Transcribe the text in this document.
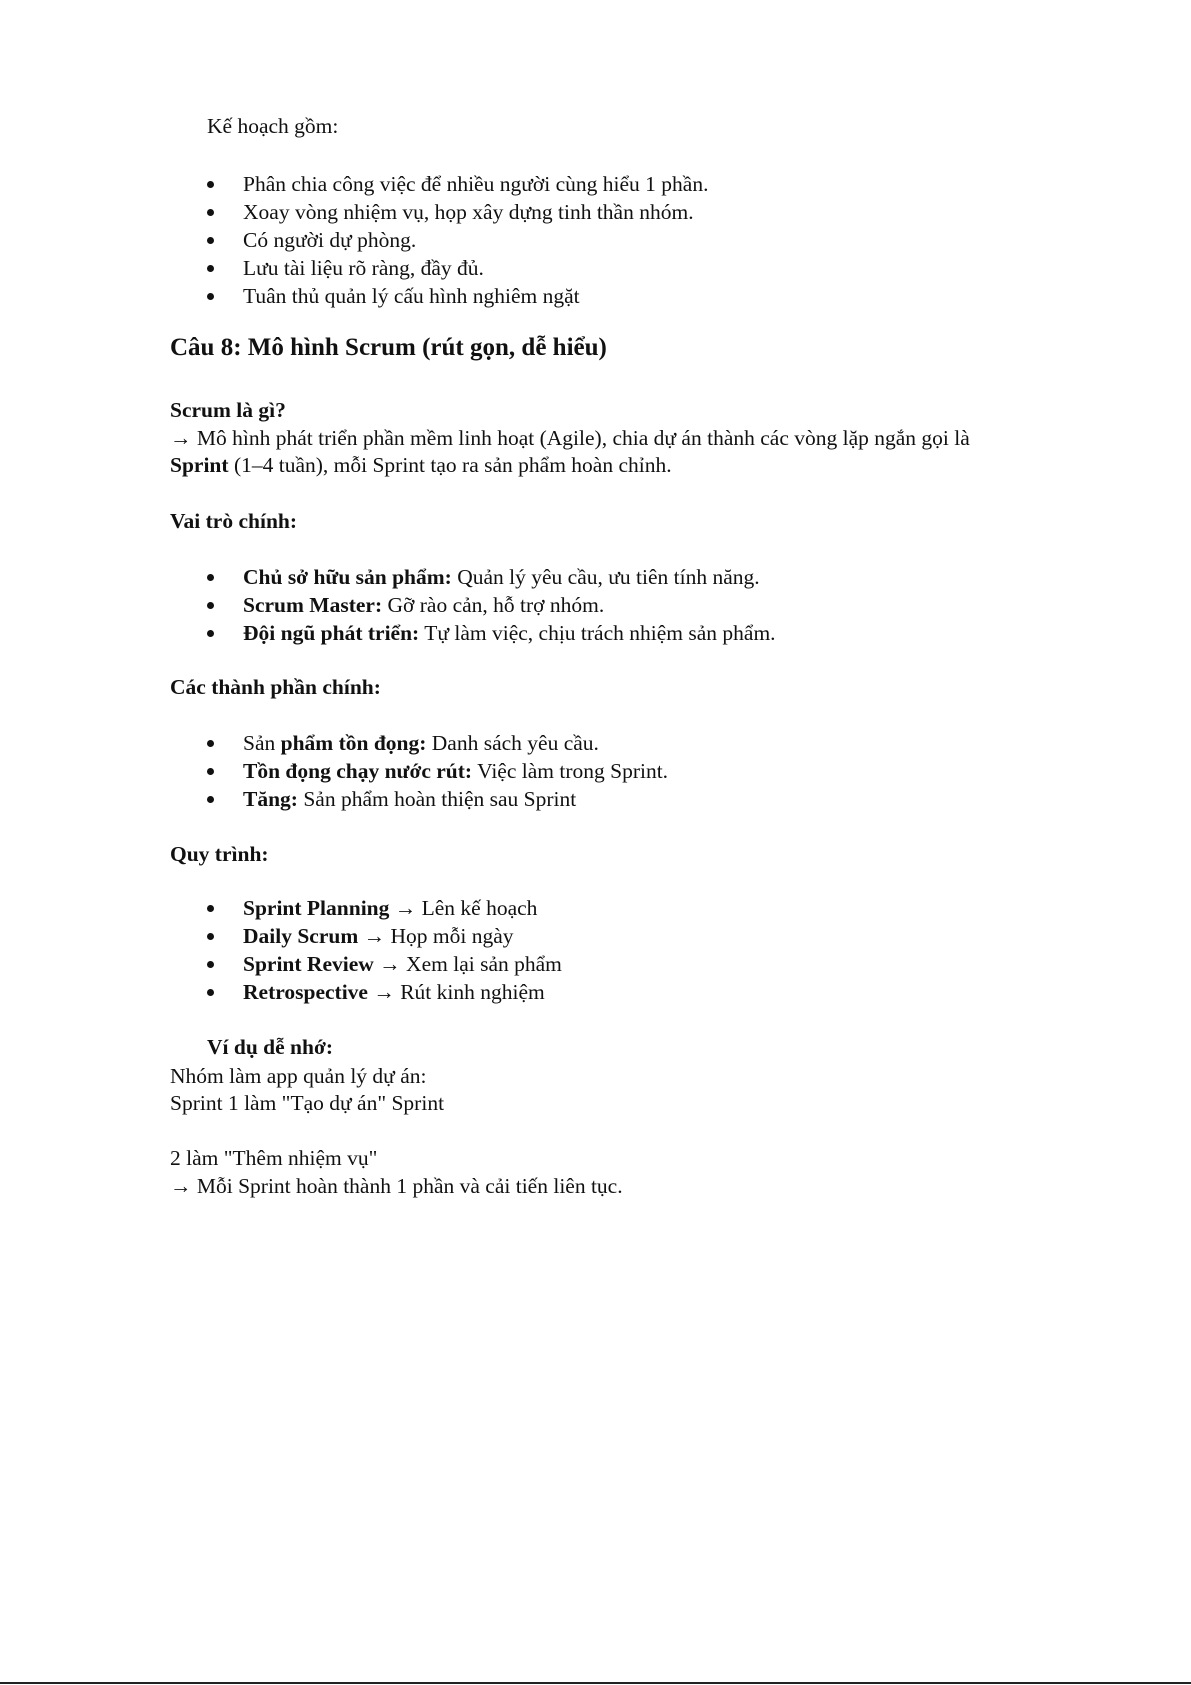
Kế hoạch gồm:
Phân chia công việc để nhiều người cùng hiểu 1 phần.
Xoay vòng nhiệm vụ, họp xây dựng tinh thần nhóm.
Có người dự phòng.
Lưu tài liệu rõ ràng, đầy đủ.
Tuân thủ quản lý cấu hình nghiêm ngặt
Câu 8: Mô hình Scrum (rút gọn, dễ hiểu)
Scrum là gì?
→ Mô hình phát triển phần mềm linh hoạt (Agile), chia dự án thành các vòng lặp ngắn gọi là
Sprint (1–4 tuần), mỗi Sprint tạo ra sản phẩm hoàn chỉnh.
Vai trò chính:
Chủ sở hữu sản phẩm: Quản lý yêu cầu, ưu tiên tính năng.
Scrum Master: Gỡ rào cản, hỗ trợ nhóm.
Đội ngũ phát triển: Tự làm việc, chịu trách nhiệm sản phẩm.
Các thành phần chính:
Sản phẩm tồn đọng: Danh sách yêu cầu.
Tồn đọng chạy nước rút: Việc làm trong Sprint.
Tăng: Sản phẩm hoàn thiện sau Sprint
Quy trình:
Sprint Planning → Lên kế hoạch
Daily Scrum → Họp mỗi ngày
Sprint Review → Xem lại sản phẩm
Retrospective → Rút kinh nghiệm
Ví dụ dễ nhớ:
Nhóm làm app quản lý dự án:
Sprint 1 làm "Tạo dự án" Sprint
2 làm "Thêm nhiệm vụ"
→ Mỗi Sprint hoàn thành 1 phần và cải tiến liên tục.
